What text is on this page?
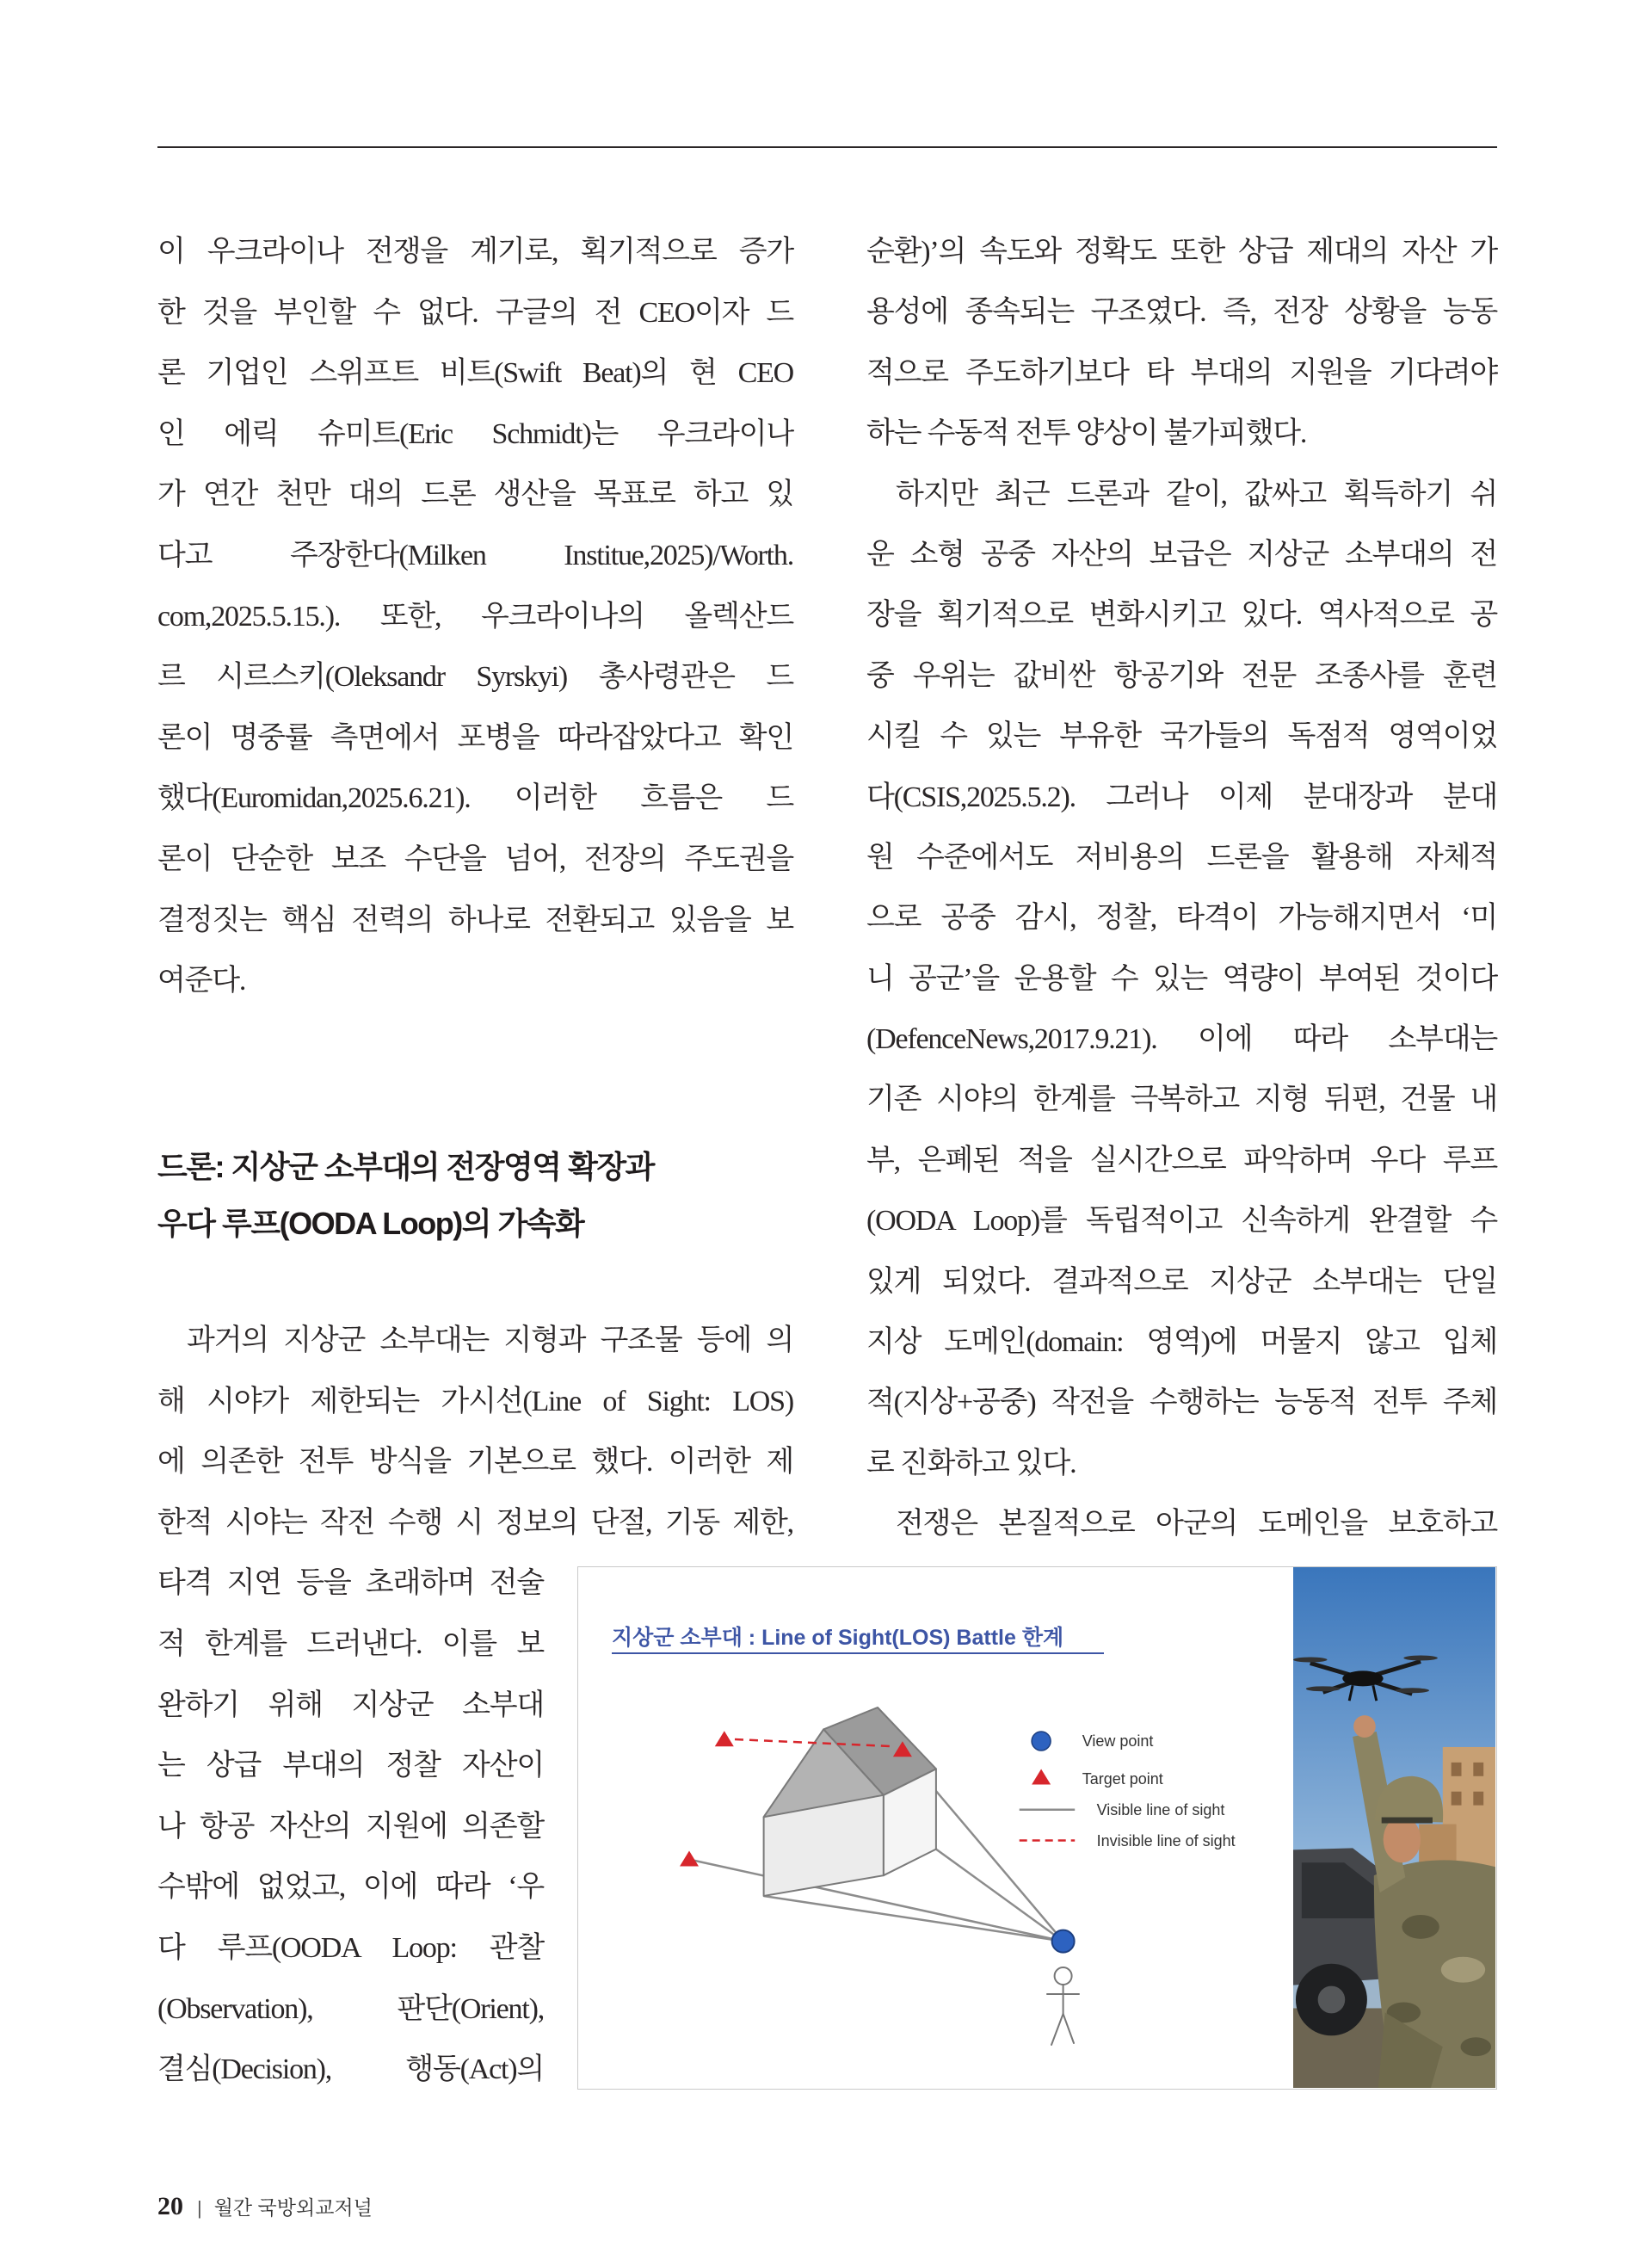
이 우크라이나 전쟁을 계기로, 획기적으로 증가
한 것을 부인할 수 없다. 구글의 전 CEO이자 드
론 기업인 스위프트 비트(Swift Beat)의 현 CEO
인 에릭 슈미트(Eric Schmidt)는 우크라이나
가 연간 천만 대의 드론 생산을 목표로 하고 있
다고 주장한다(Milken Institue,2025)/Worth.
com,2025.5.15.). 또한, 우크라이나의 올렉산드
르 시르스키(Oleksandr Syrskyi) 총사령관은 드
론이 명중률 측면에서 포병을 따라잡았다고 확인
했다(Euromidan,2025.6.21). 이러한 흐름은 드
론이 단순한 보조 수단을 넘어, 전장의 주도권을
결정짓는 핵심 전력의 하나로 전환되고 있음을 보
여준다.
드론: 지상군 소부대의 전장영역 확장과
우다 루프(OODA Loop)의 가속화
과거의 지상군 소부대는 지형과 구조물 등에 의
해 시야가 제한되는 가시선(Line of Sight: LOS)
에 의존한 전투 방식을 기본으로 했다. 이러한 제
한적 시야는 작전 수행 시 정보의 단절, 기동 제한,
타격 지연 등을 초래하며 전술
적 한계를 드러낸다. 이를 보
완하기 위해 지상군 소부대
는 상급 부대의 정찰 자산이
나 항공 자산의 지원에 의존할
수밖에 없었고, 이에 따라 ‘우
다 루프(OODA Loop: 관찰
(Observation), 판단(Orient),
결심(Decision), 행동(Act)의
순환)’의 속도와 정확도 또한 상급 제대의 자산 가
용성에 종속되는 구조였다. 즉, 전장 상황을 능동
적으로 주도하기보다 타 부대의 지원을 기다려야
하는 수동적 전투 양상이 불가피했다.
하지만 최근 드론과 같이, 값싸고 획득하기 쉬
운 소형 공중 자산의 보급은 지상군 소부대의 전
장을 획기적으로 변화시키고 있다. 역사적으로 공
중 우위는 값비싼 항공기와 전문 조종사를 훈련
시킬 수 있는 부유한 국가들의 독점적 영역이었
다(CSIS,2025.5.2). 그러나 이제 분대장과 분대
원 수준에서도 저비용의 드론을 활용해 자체적
으로 공중 감시, 정찰, 타격이 가능해지면서 ‘미
니 공군’을 운용할 수 있는 역량이 부여된 것이다
(DefenceNews,2017.9.21). 이에 따라 소부대는
기존 시야의 한계를 극복하고 지형 뒤편, 건물 내
부, 은폐된 적을 실시간으로 파악하며 우다 루프
(OODA Loop)를 독립적이고 신속하게 완결할 수
있게 되었다. 결과적으로 지상군 소부대는 단일
지상 도메인(domain: 영역)에 머물지 않고 입체
적(지상+공중) 작전을 수행하는 능동적 전투 주체
로 진화하고 있다.
전쟁은 본질적으로 아군의 도메인을 보호하고
지상군 소부대 : Line of Sight(LOS) Battle 한계
View point
Target point
Visible line of sight
Invisible line of sight
20 | 월간 국방외교저널
